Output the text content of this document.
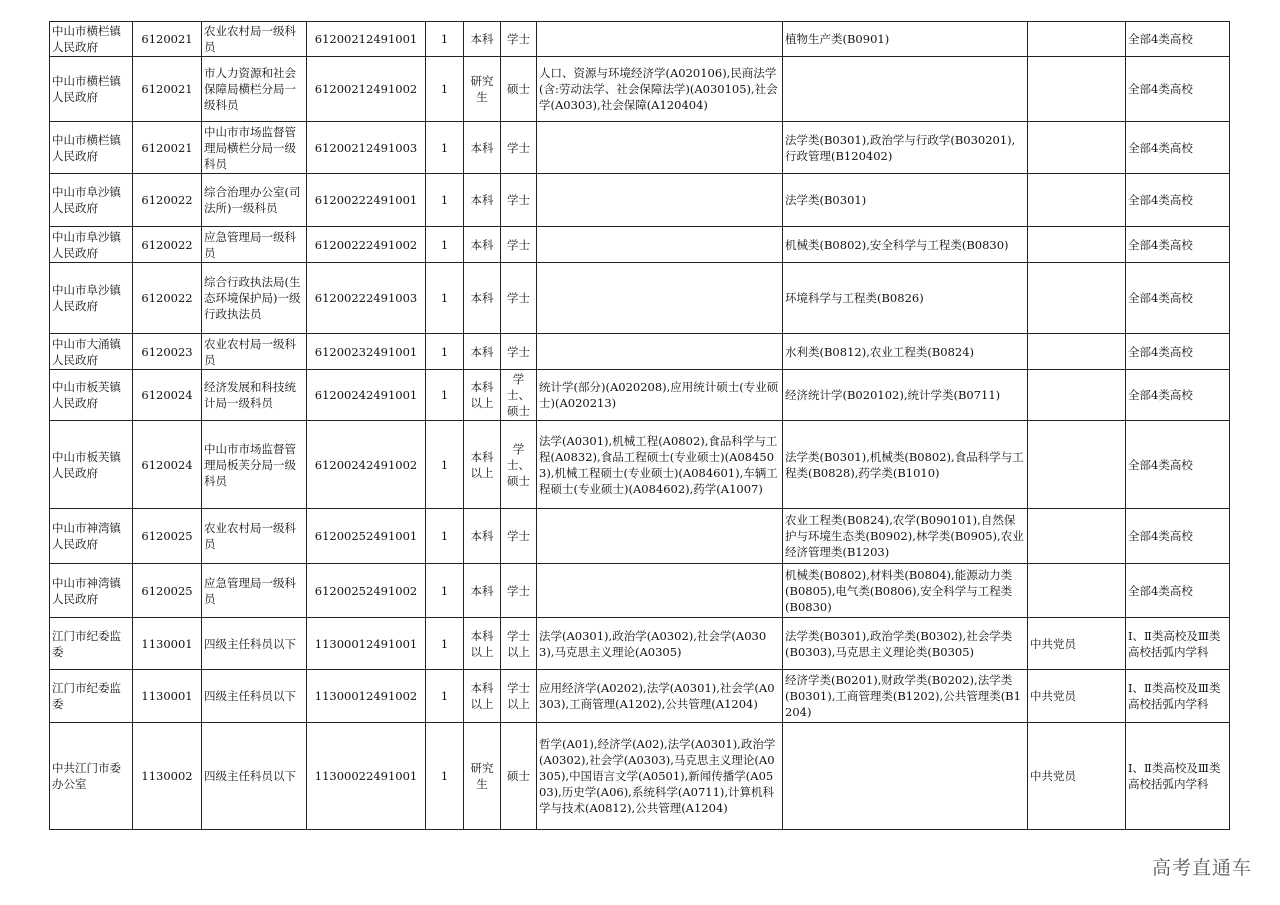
中山市横栏镇人民政府	6120021	农业农村局一级科员	61200212491001	1	本科	学士		植物生产类(B0901)		全部4类高校
中山市横栏镇人民政府	6120021	市人力资源和社会保障局横栏分局一级科员	61200212491002	1	研究生	硕士	人口、资源与环境经济学(A020106),民商法学(含:劳动法学、社会保障法学)(A030105),社会学(A0303),社会保障(A120404)			全部4类高校
中山市横栏镇人民政府	6120021	中山市市场监督管理局横栏分局一级科员	61200212491003	1	本科	学士		法学类(B0301),政治学与行政学(B030201),行政管理(B120402)		全部4类高校
中山市阜沙镇人民政府	6120022	综合治理办公室(司法所)一级科员	61200222491001	1	本科	学士		法学类(B0301)		全部4类高校
中山市阜沙镇人民政府	6120022	应急管理局一级科员	61200222491002	1	本科	学士		机械类(B0802),安全科学与工程类(B0830)		全部4类高校
中山市阜沙镇人民政府	6120022	综合行政执法局(生态环境保护局)一级行政执法员	61200222491003	1	本科	学士		环境科学与工程类(B0826)		全部4类高校
中山市大涌镇人民政府	6120023	农业农村局一级科员	61200232491001	1	本科	学士		水利类(B0812),农业工程类(B0824)		全部4类高校
中山市板芙镇人民政府	6120024	经济发展和科技统计局一级科员	61200242491001	1	本科以上	学士、硕士	统计学(部分)(A020208),应用统计硕士(专业硕士)(A020213)	经济统计学(B020102),统计学类(B0711)		全部4类高校
中山市板芙镇人民政府	6120024	中山市市场监督管理局板芙分局一级科员	61200242491002	1	本科以上	学士、硕士	法学(A0301),机械工程(A0802),食品科学与工程(A0832),食品工程硕士(专业硕士)(A084503),机械工程硕士(专业硕士)(A084601),车辆工程硕士(专业硕士)(A084602),药学(A1007)	法学类(B0301),机械类(B0802),食品科学与工程类(B0828),药学类(B1010)		全部4类高校
中山市神湾镇人民政府	6120025	农业农村局一级科员	61200252491001	1	本科	学士		农业工程类(B0824),农学(B090101),自然保护与环境生态类(B0902),林学类(B0905),农业经济管理类(B1203)		全部4类高校
中山市神湾镇人民政府	6120025	应急管理局一级科员	61200252491002	1	本科	学士		机械类(B0802),材料类(B0804),能源动力类(B0805),电气类(B0806),安全科学与工程类(B0830)		全部4类高校
江门市纪委监委	1130001	四级主任科员以下	11300012491001	1	本科以上	学士以上	法学(A0301),政治学(A0302),社会学(A0303),马克思主义理论(A0305)	法学类(B0301),政治学类(B0302),社会学类(B0303),马克思主义理论类(B0305)	中共党员	Ⅰ、Ⅱ类高校及Ⅲ类高校括弧内学科
江门市纪委监委	1130001	四级主任科员以下	11300012491002	1	本科以上	学士以上	应用经济学(A0202),法学(A0301),社会学(A0303),工商管理(A1202),公共管理(A1204)	经济学类(B0201),财政学类(B0202),法学类(B0301),工商管理类(B1202),公共管理类(B1204)	中共党员	Ⅰ、Ⅱ类高校及Ⅲ类高校括弧内学科
中共江门市委办公室	1130002	四级主任科员以下	11300022491001	1	研究生	硕士	哲学(A01),经济学(A02),法学(A0301),政治学(A0302),社会学(A0303),马克思主义理论(A0305),中国语言文学(A0501),新闻传播学(A0503),历史学(A06),系统科学(A0711),计算机科学与技术(A0812),公共管理(A1204)		中共党员	Ⅰ、Ⅱ类高校及Ⅲ类高校括弧内学科
高考直通车
